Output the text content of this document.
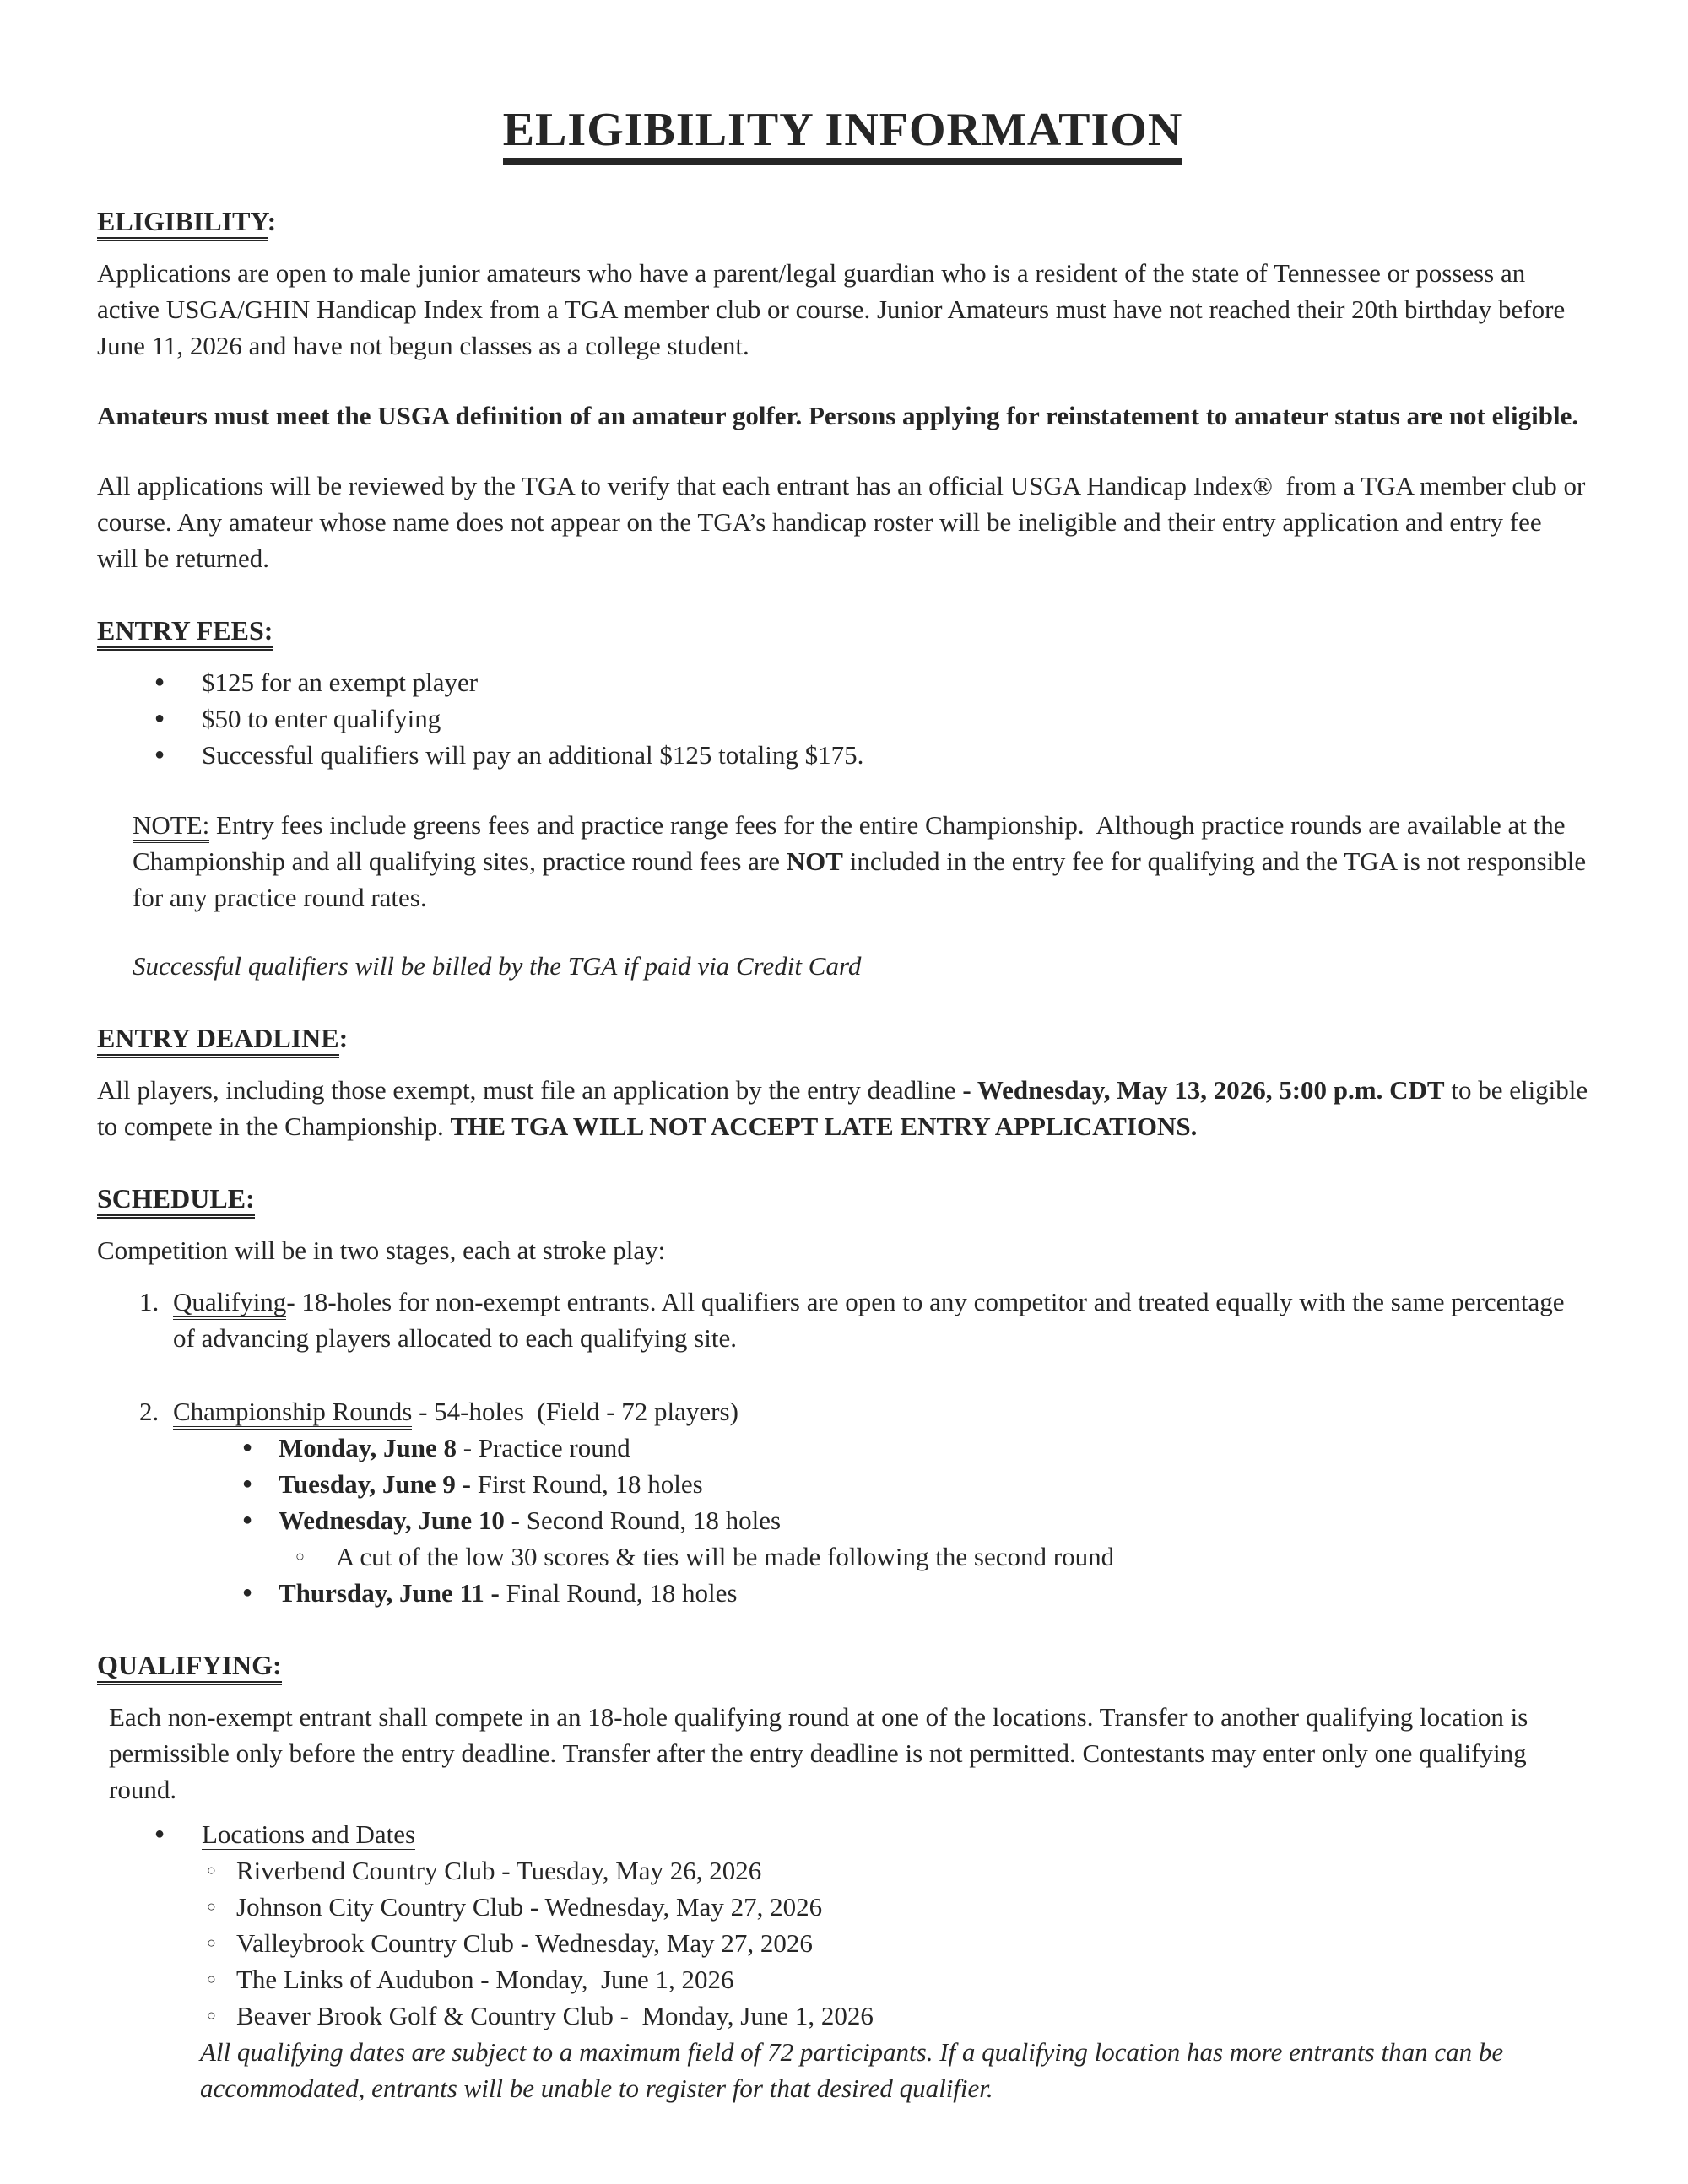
ELIGIBILITY INFORMATION
ELIGIBILITY:

Applications are open to male junior amateurs who have a parent/legal guardian who is a resident of the state of Tennessee or possess an active USGA/GHIN Handicap Index from a TGA member club or course. Junior Amateurs must have not reached their 20th birthday before June 11, 2026 and have not begun classes as a college student.

Amateurs must meet the USGA definition of an amateur golfer. Persons applying for reinstatement to amateur status are not eligible.

All applications will be reviewed by the TGA to verify that each entrant has an official USGA Handicap Index®  from a TGA member club or course. Any amateur whose name does not appear on the TGA’s handicap roster will be ineligible and their entry application and entry fee will be returned.

ENTRY FEES:
● $125 for an exempt player
● $50 to enter qualifying
● Successful qualifiers will pay an additional $125 totaling $175.

NOTE: Entry fees include greens fees and practice range fees for the entire Championship.  Although practice rounds are available at the Championship and all qualifying sites, practice round fees are NOT included in the entry fee for qualifying and the TGA is not responsible for any practice round rates.

Successful qualifiers will be billed by the TGA if paid via Credit Card

ENTRY DEADLINE:

All players, including those exempt, must file an application by the entry deadline - Wednesday, May 13, 2026, 5:00 p.m. CDT to be eligible to compete in the Championship. THE TGA WILL NOT ACCEPT LATE ENTRY APPLICATIONS.

SCHEDULE:

Competition will be in two stages, each at stroke play:

1. Qualifying- 18-holes for non-exempt entrants. All qualifiers are open to any competitor and treated equally with the same percentage of advancing players allocated to each qualifying site.
2. Championship Rounds - 54-holes  (Field - 72 players)
● Monday, June 8 - Practice round
● Tuesday, June 9 - First Round, 18 holes
● Wednesday, June 10 - Second Round, 18 holes
○ A cut of the low 30 scores & ties will be made following the second round
● Thursday, June 11 - Final Round, 18 holes
QUALIFYING:

Each non-exempt entrant shall compete in an 18-hole qualifying round at one of the locations. Transfer to another qualifying location is permissible only before the entry deadline. Transfer after the entry deadline is not permitted. Contestants may enter only one qualifying round.

● Locations and Dates
○ Riverbend Country Club - Tuesday, May 26, 2026
○ Johnson City Country Club - Wednesday, May 27, 2026
○ Valleybrook Country Club - Wednesday, May 27, 2026
○ The Links of Audubon - Monday,  June 1, 2026
○ Beaver Brook Golf & Country Club -  Monday, June 1, 2026
All qualifying dates are subject to a maximum field of 72 participants. If a qualifying location has more entrants than can be accommodated, entrants will be unable to register for that desired qualifier.
